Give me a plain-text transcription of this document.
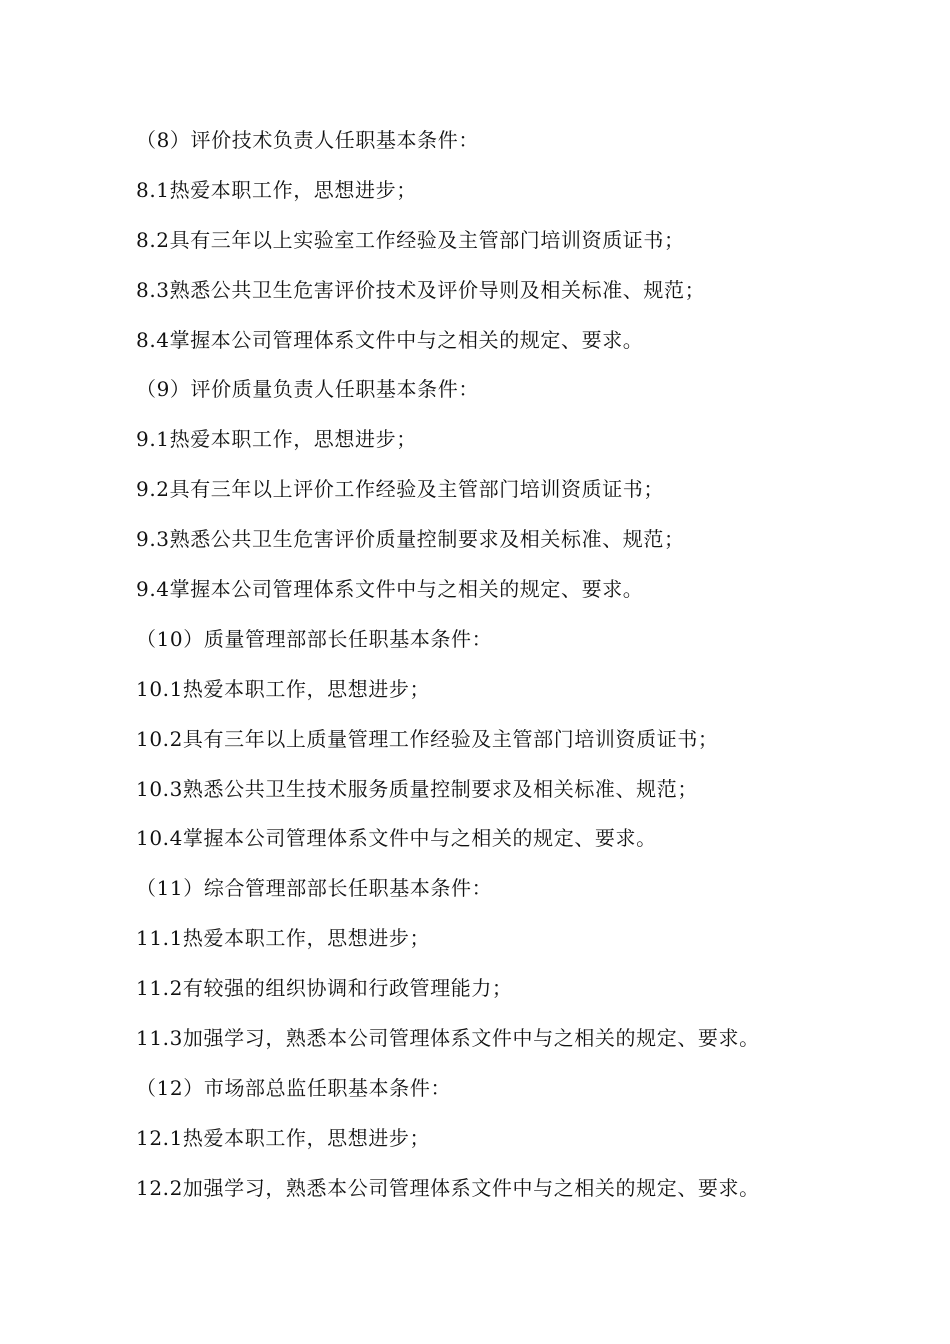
（8）评价技术负责人任职基本条件：
8.1热爱本职工作，思想进步；
8.2具有三年以上实验室工作经验及主管部门培训资质证书；
8.3熟悉公共卫生危害评价技术及评价导则及相关标准、规范；
8.4掌握本公司管理体系文件中与之相关的规定、要求。
（9）评价质量负责人任职基本条件：
9.1热爱本职工作，思想进步；
9.2具有三年以上评价工作经验及主管部门培训资质证书；
9.3熟悉公共卫生危害评价质量控制要求及相关标准、规范；
9.4掌握本公司管理体系文件中与之相关的规定、要求。
（10）质量管理部部长任职基本条件：
10.1热爱本职工作，思想进步；
10.2具有三年以上质量管理工作经验及主管部门培训资质证书；
10.3熟悉公共卫生技术服务质量控制要求及相关标准、规范；
10.4掌握本公司管理体系文件中与之相关的规定、要求。
（11）综合管理部部长任职基本条件：
11.1热爱本职工作，思想进步；
11.2有较强的组织协调和行政管理能力；
11.3加强学习，熟悉本公司管理体系文件中与之相关的规定、要求。
（12）市场部总监任职基本条件：
12.1热爱本职工作，思想进步；
12.2加强学习，熟悉本公司管理体系文件中与之相关的规定、要求。
